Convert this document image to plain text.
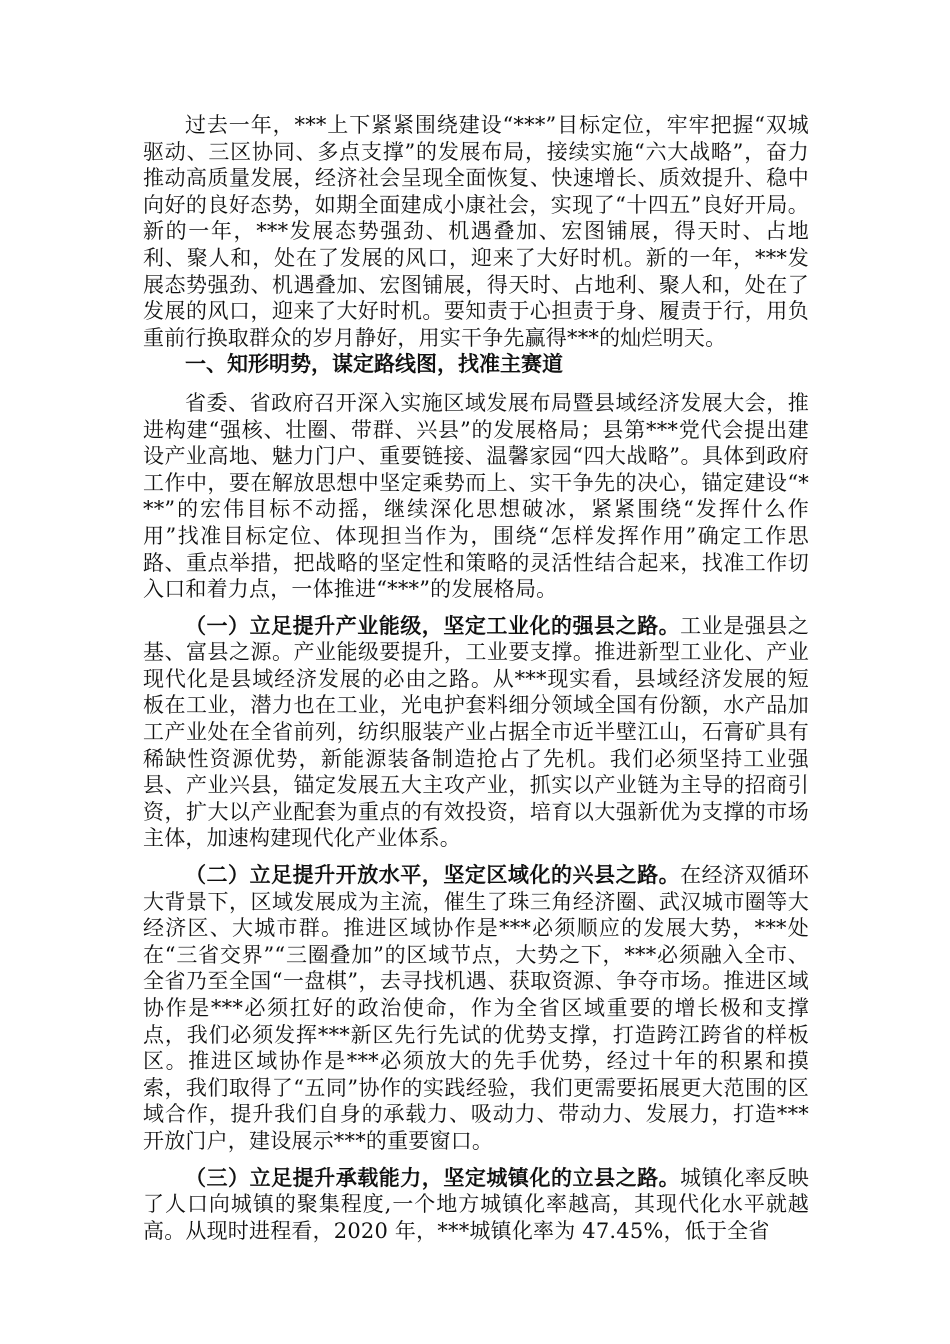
过去一年，***上下紧紧围绕建设“***”目标定位，牢牢把握“双城驱动、三区协同、多点支撑”的发展布局，接续实施“六大战略”，奋力推动高质量发展，经济社会呈现全面恢复、快速增长、质效提升、稳中向好的良好态势，如期全面建成小康社会，实现了“十四五”良好开局。新的一年，***发展态势强劲、机遇叠加、宏图铺展，得天时、占地利、聚人和，处在了发展的风口，迎来了大好时机。新的一年，***发展态势强劲、机遇叠加、宏图铺展，得天时、占地利、聚人和，处在了发展的风口，迎来了大好时机。要知责于心担责于身、履责于行，用负重前行换取群众的岁月静好，用实干争先赢得***的灿烂明天。

一、知形明势，谋定路线图，找准主赛道

省委、省政府召开深入实施区域发展布局暨县域经济发展大会，推进构建“强核、壮圈、带群、兴县”的发展格局；县第***党代会提出建设产业高地、魅力门户、重要链接、温馨家园“四大战略”。具体到政府工作中，要在解放思想中坚定乘势而上、实干争先的决心，锚定建设“***”的宏伟目标不动摇，继续深化思想破冰，紧紧围绕“发挥什么作用”找准目标定位、体现担当作为，围绕“怎样发挥作用”确定工作思路、重点举措，把战略的坚定性和策略的灵活性结合起来，找准工作切入口和着力点，一体推进“***”的发展格局。

（一）立足提升产业能级，坚定工业化的强县之路。工业是强县之基、富县之源。产业能级要提升，工业要支撑。推进新型工业化、产业现代化是县域经济发展的必由之路。从***现实看，县域经济发展的短板在工业，潜力也在工业，光电护套料细分领域全国有份额，水产品加工产业处在全省前列，纺织服装产业占据全市近半壁江山，石膏矿具有稀缺性资源优势，新能源装备制造抢占了先机。我们必须坚持工业强县、产业兴县，锚定发展五大主攻产业，抓实以产业链为主导的招商引资，扩大以产业配套为重点的有效投资，培育以大强新优为支撑的市场主体，加速构建现代化产业体系。

（二）立足提升开放水平，坚定区域化的兴县之路。在经济双循环大背景下，区域发展成为主流，催生了珠三角经济圈、武汉城市圈等大经济区、大城市群。推进区域协作是***必须顺应的发展大势，***处在“三省交界”“三圈叠加”的区域节点，大势之下，***必须融入全市、全省乃至全国“一盘棋”，去寻找机遇、获取资源、争夺市场。推进区域协作是***必须扛好的政治使命，作为全省区域重要的增长极和支撑点，我们必须发挥***新区先行先试的优势支撑，打造跨江跨省的样板区。推进区域协作是***必须放大的先手优势，经过十年的积累和摸索，我们取得了“五同”协作的实践经验，我们更需要拓展更大范围的区域合作，提升我们自身的承载力、吸动力、带动力、发展力，打造***开放门户，建设展示***的重要窗口。

（三）立足提升承载能力，坚定城镇化的立县之路。城镇化率反映了人口向城镇的聚集程度,一个地方城镇化率越高，其现代化水平就越高。从现时进程看，2020 年，***城镇化率为 47.45%，低于全省
